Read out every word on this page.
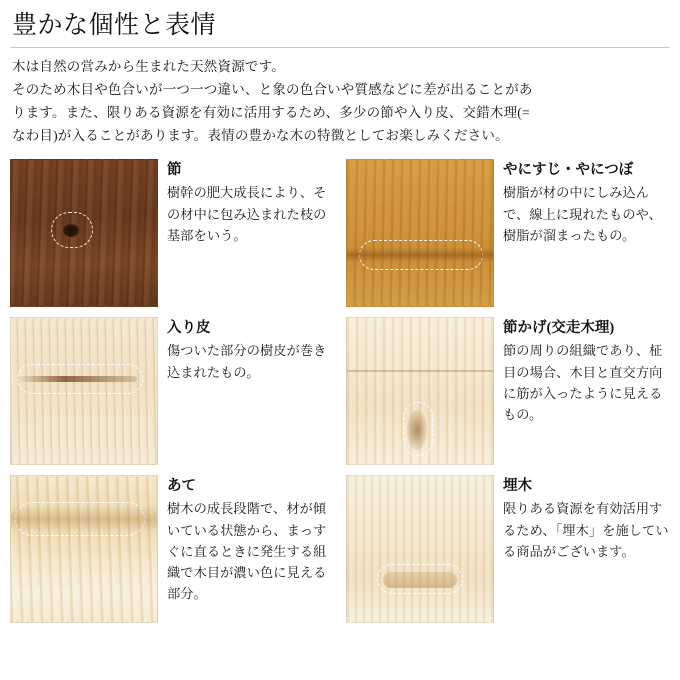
豊かな個性と表情

木は自然の営みから生まれた天然資源です。

そのため木目や色合いが一つ一つ違い、と象の色合いや質感などに差が出ることがあ

ります。また、限りある資源を有効に活用するため、多少の節や入り皮、交錯木理(=

なわ目)が入ることがあります。表情の豊かな木の特徴としてお楽しみください。

節
樹幹の肥大成長により、その材中に包み込まれた枝の基部をいう。
やにすじ・やにつぼ
樹脂が材の中にしみ込んで、線上に現れたものや、樹脂が溜まったもの。
入り皮
傷ついた部分の樹皮が巻き込まれたもの。
節かげ(交走木理)
節の周りの組織であり、柾目の場合、木目と直交方向に筋が入ったように見えるもの。
あて
樹木の成長段階で、材が傾いている状態から、まっすぐに直るときに発生する組織で木目が濃い色に見える部分。
埋木
限りある資源を有効活用するため、「埋木」を施している商品がございます。
